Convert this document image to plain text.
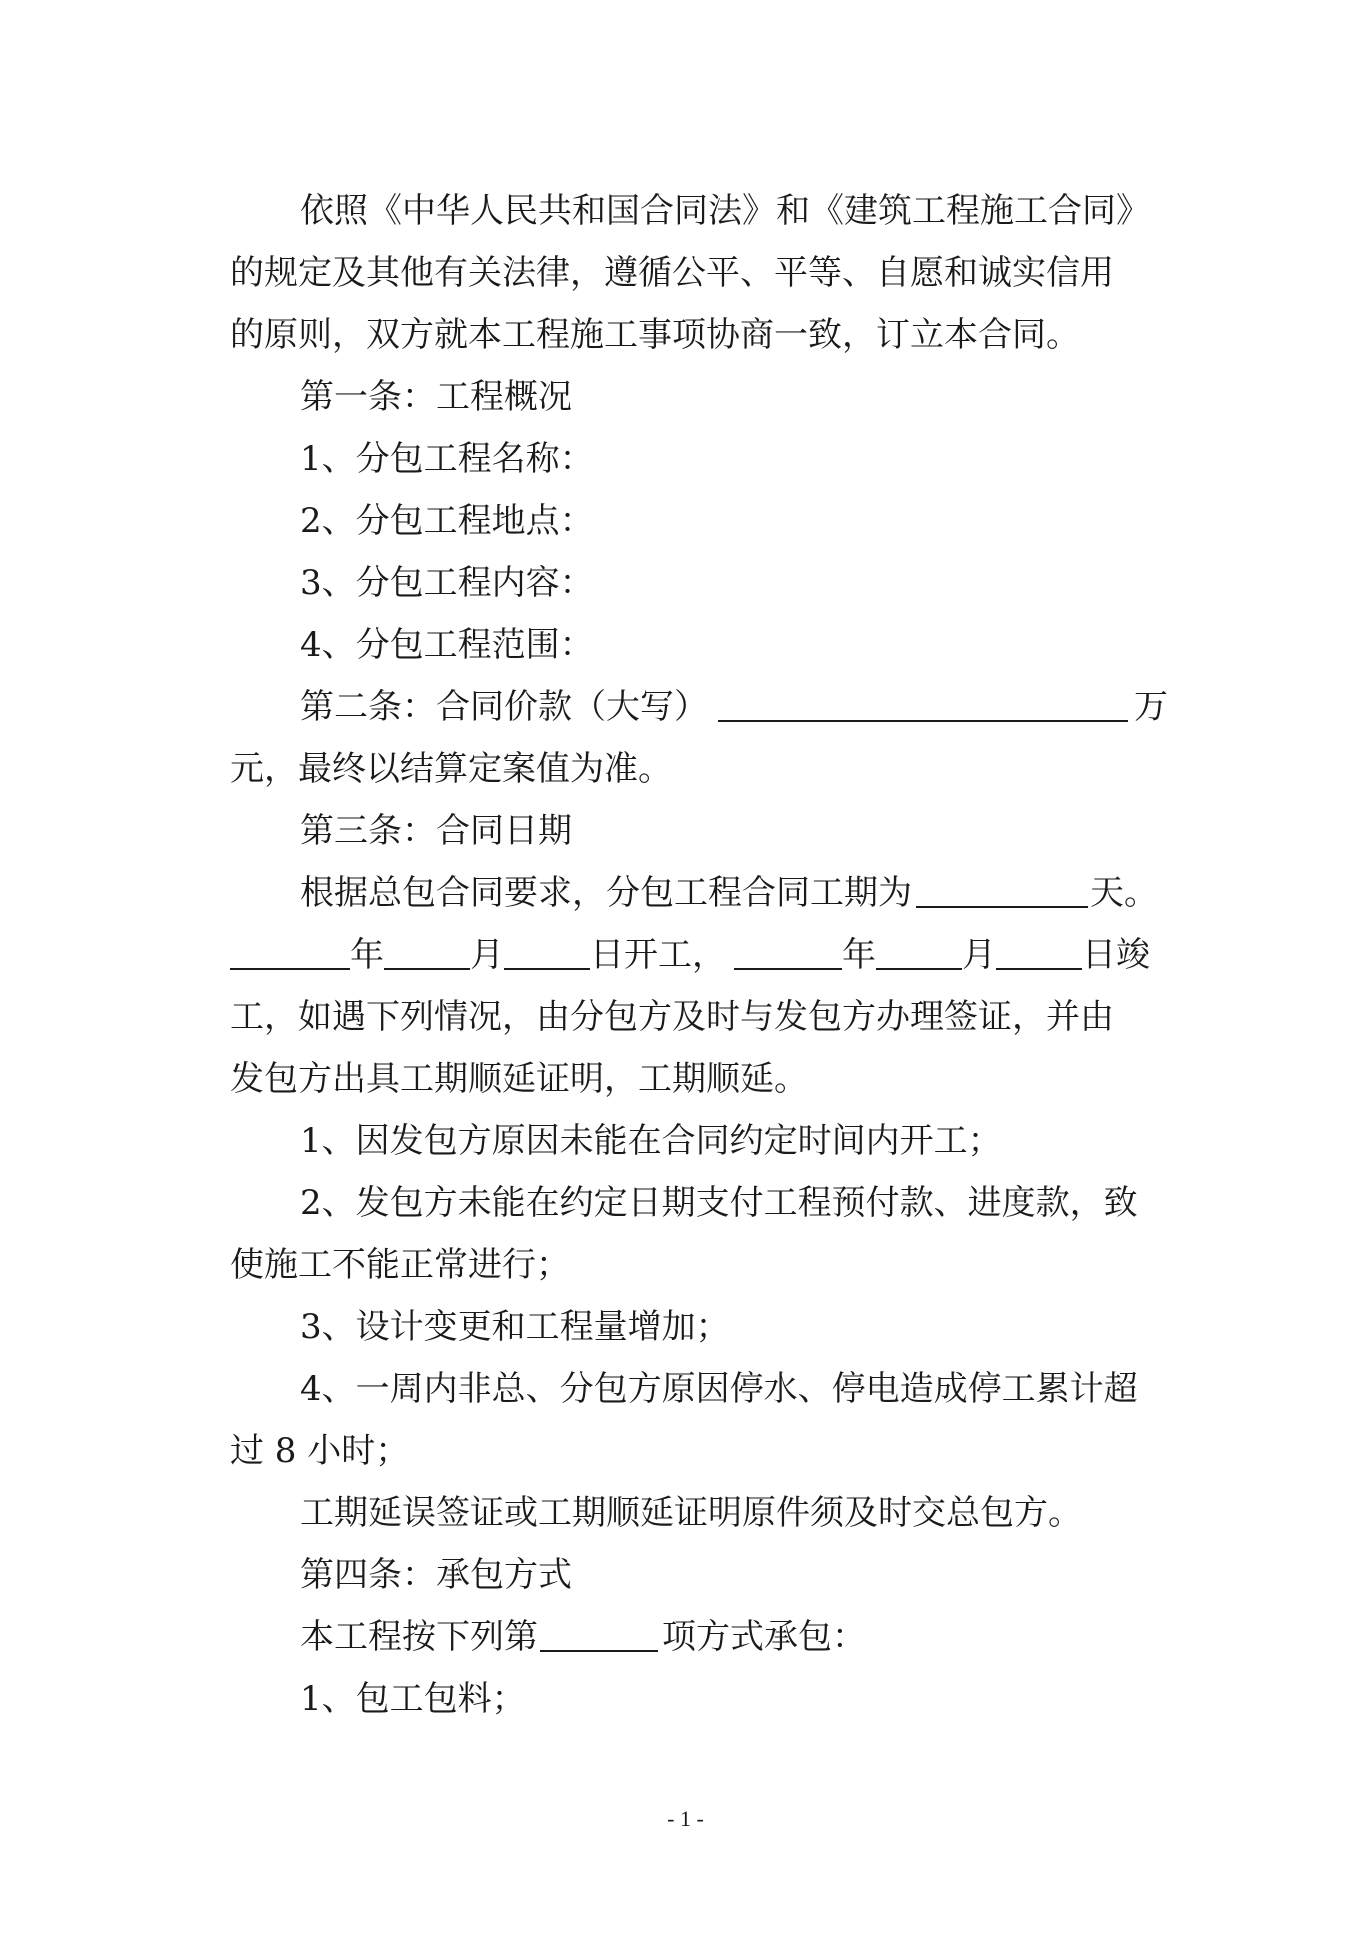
依照《中华人民共和国合同法》和《建筑工程施工合同》
的规定及其他有关法律，遵循公平、平等、自愿和诚实信用
的原则，双方就本工程施工事项协商一致，订立本合同。
第一条：工程概况
1、分包工程名称：
2、分包工程地点：
3、分包工程内容：
4、分包工程范围：
第二条：合同价款（大写）	万
元，最终以结算定案值为准。
第三条：合同日期
根据总包合同要求，分包工程合同工期为	天。
年	月	日开工，	年	月	日竣
工，如遇下列情况，由分包方及时与发包方办理签证，并由
发包方出具工期顺延证明，工期顺延。
1、因发包方原因未能在合同约定时间内开工；
2、发包方未能在约定日期支付工程预付款、进度款，致
使施工不能正常进行；
3、设计变更和工程量增加；
4、一周内非总、分包方原因停水、停电造成停工累计超
过 8 小时；
工期延误签证或工期顺延证明原件须及时交总包方。
第四条：承包方式
本工程按下列第	项方式承包：
1、包工包料；
- 1 -
